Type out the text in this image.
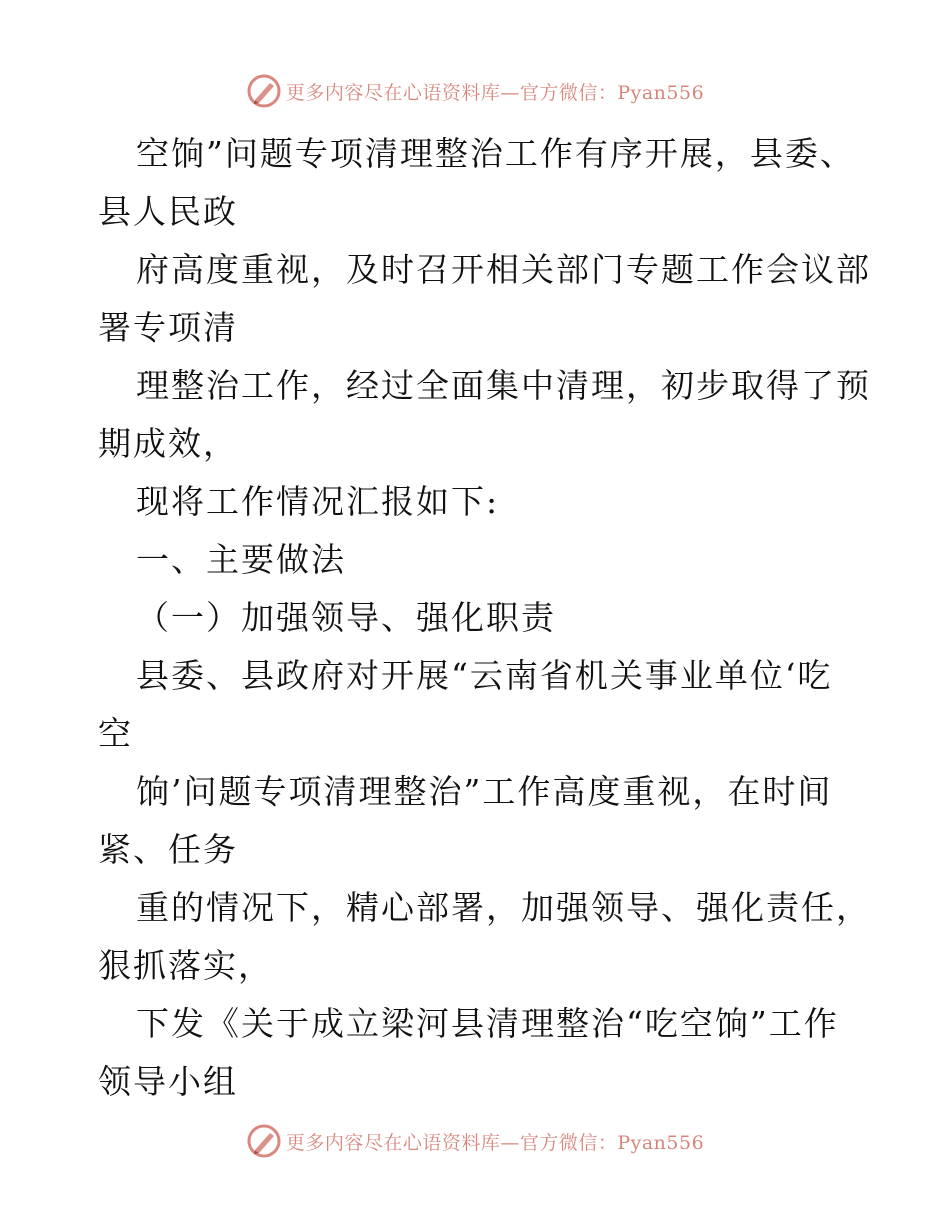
更多内容尽在心语资料库—官方微信：Pyan556
空饷”问题专项清理整治工作有序开展，县委、
县人民政
府高度重视，及时召开相关部门专题工作会议部
署专项清
理整治工作，经过全面集中清理，初步取得了预
期成效，
现将工作情况汇报如下:
一、主要做法
（一）加强领导、强化职责
县委、县政府对开展“云南省机关事业单位‘吃
空
饷’问题专项清理整治”工作高度重视，在时间
紧、任务
重的情况下，精心部署，加强领导、强化责任，
狠抓落实，
下发《关于成立梁河县清理整治“吃空饷”工作
领导小组
更多内容尽在心语资料库—官方微信：Pyan556
